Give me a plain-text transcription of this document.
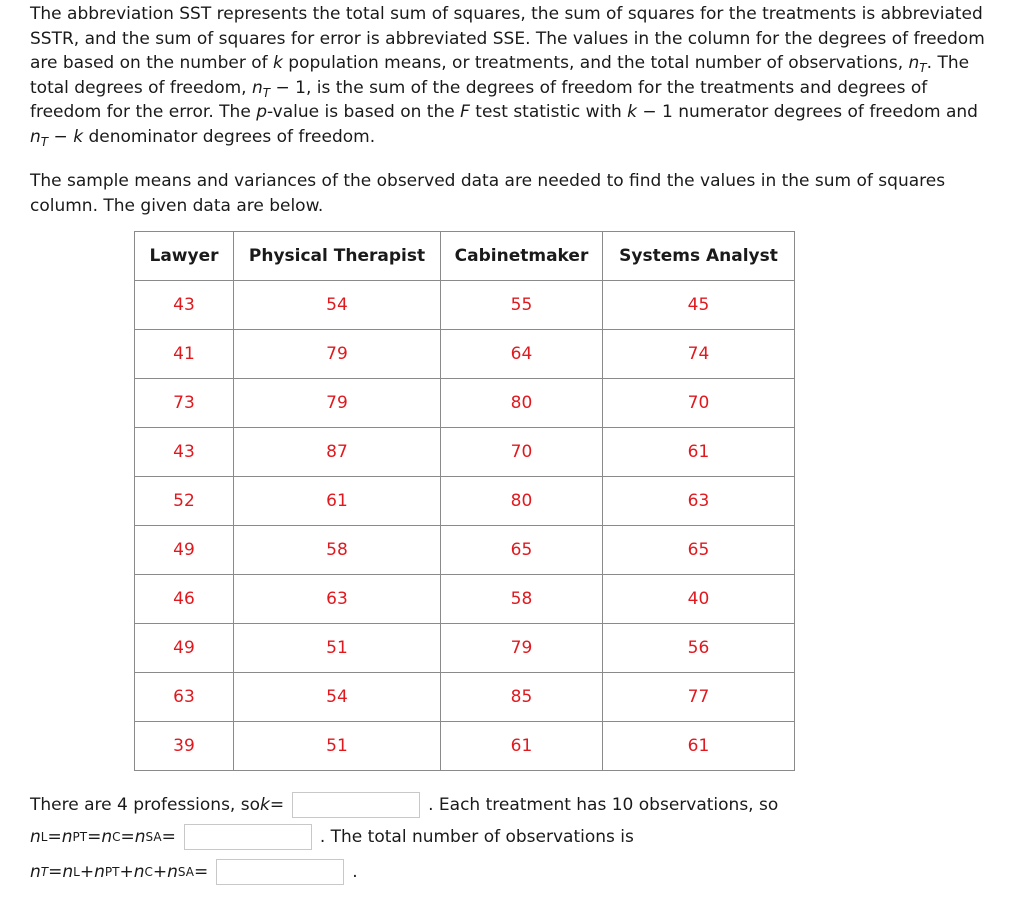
The abbreviation SST represents the total sum of squares, the sum of squares for the treatments is abbreviated SSTR, and the sum of squares for error is abbreviated SSE. The values in the column for the degrees of freedom are based on the number of k population means, or treatments, and the total number of observations, $n_T$. The total degrees of freedom, $n_T - 1$, is the sum of the degrees of freedom for the treatments and degrees of freedom for the error. The p-value is based on the F test statistic with k − 1 numerator degrees of freedom and $n_T - k$ denominator degrees of freedom.

The sample means and variances of the observed data are needed to find the values in the sum of squares column. The given data are below.

Lawyer	Physical Therapist	Cabinetmaker	Systems Analyst
43	54	55	45
41	79	64	74
73	79	80	70
43	87	70	61
52	61	80	63
49	58	65	65
46	63	58	40
49	51	79	56
63	54	85	77
39	51	61	61
There are 4 professions, so k =	. Each treatment has 10 observations, so
n L = n PT = n C = n SA =	. The total number of observations is
n T = n L + n PT + n C + n SA =	.
